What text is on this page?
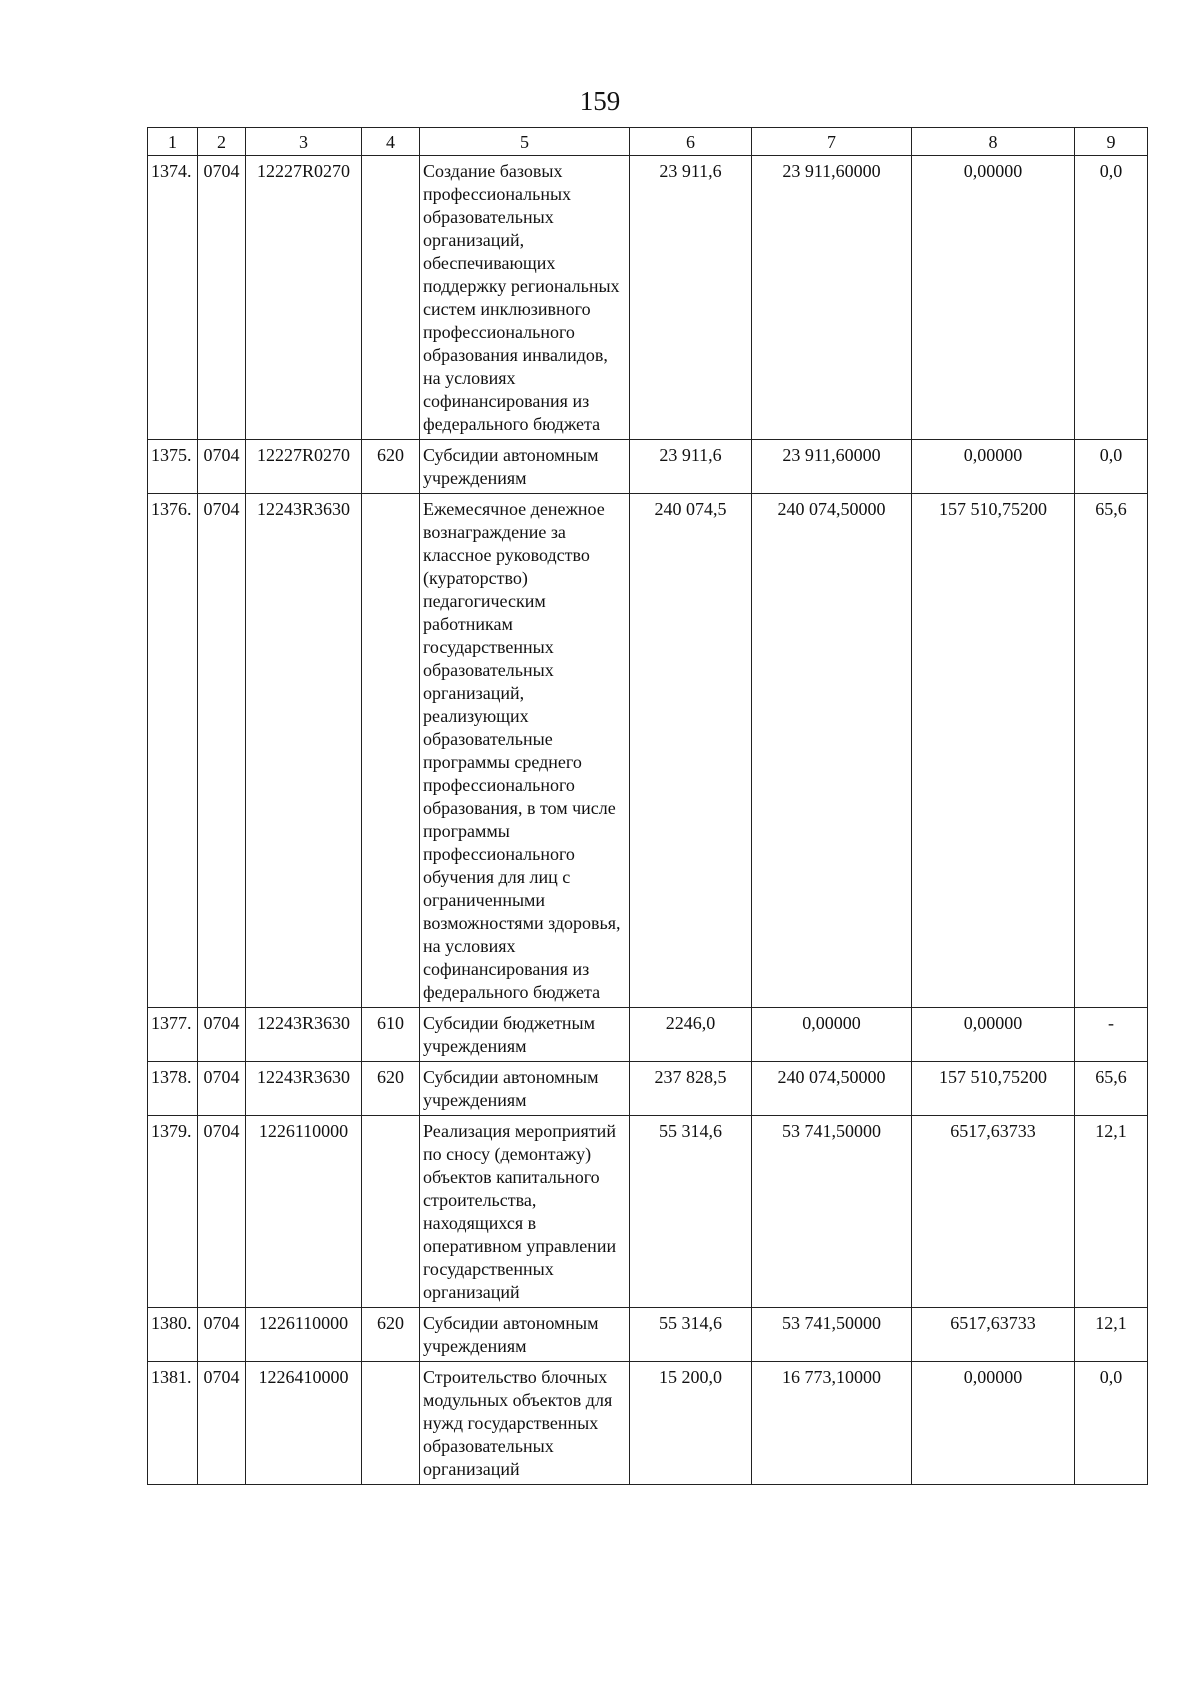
159
1	2	3	4	5	6	7	8	9
1374.	0704	12227R0270		Создание базовых профессиональных образовательных организаций, обеспечивающих поддержку региональных систем инклюзивного профессионального образования инвалидов, на условиях софинансирования из федерального бюджета	23 911,6	23 911,60000	0,00000	0,0
1375.	0704	12227R0270	620	Субсидии автономным учреждениям	23 911,6	23 911,60000	0,00000	0,0
1376.	0704	12243R3630		Ежемесячное денежное вознаграждение за классное руководство (кураторство) педагогическим работникам государственных образовательных организаций, реализующих образовательные программы среднего профессионального образования, в том числе программы профессионального обучения для лиц с ограниченными возможностями здоровья, на условиях софинансирования из федерального бюджета	240 074,5	240 074,50000	157 510,75200	65,6
1377.	0704	12243R3630	610	Субсидии бюджетным учреждениям	2246,0	0,00000	0,00000	-
1378.	0704	12243R3630	620	Субсидии автономным учреждениям	237 828,5	240 074,50000	157 510,75200	65,6
1379.	0704	1226110000		Реализация мероприятий по сносу (демонтажу) объектов капитального строительства, находящихся в оперативном управлении государственных организаций	55 314,6	53 741,50000	6517,63733	12,1
1380.	0704	1226110000	620	Субсидии автономным учреждениям	55 314,6	53 741,50000	6517,63733	12,1
1381.	0704	1226410000		Строительство блочных модульных объектов для нужд государственных образовательных организаций	15 200,0	16 773,10000	0,00000	0,0
